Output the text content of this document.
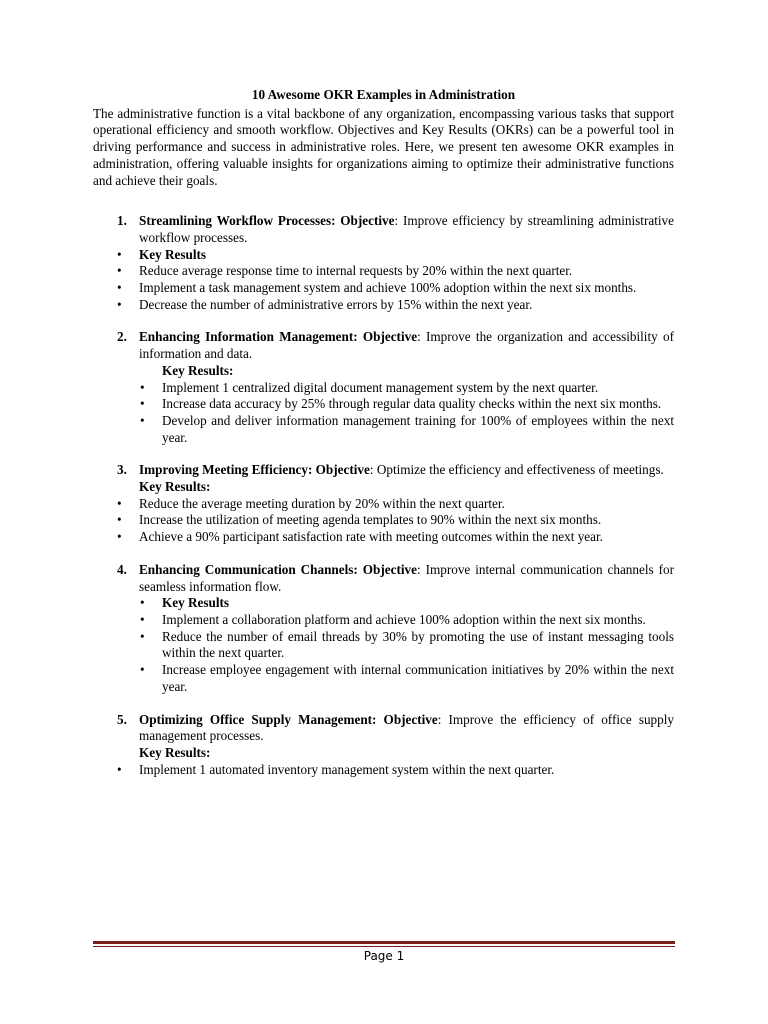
10 Awesome OKR Examples in Administration

The administrative function is a vital backbone of any organization, encompassing various tasks that support operational efficiency and smooth workflow. Objectives and Key Results (OKRs) can be a powerful tool in driving performance and success in administrative roles. Here, we present ten awesome OKR examples in administration, offering valuable insights for organizations aiming to optimize their administrative functions and achieve their goals.

1. Streamlining Workflow Processes: Objective: Improve efficiency by streamlining administrative workflow processes.

• Key Results
• Reduce average response time to internal requests by 20% within the next quarter.
• Implement a task management system and achieve 100% adoption within the next six months.
• Decrease the number of administrative errors by 15% within the next year.
2. Enhancing Information Management: Objective: Improve the organization and accessibility of information and data.

Key Results:
• Implement 1 centralized digital document management system by the next quarter.
• Increase data accuracy by 25% through regular data quality checks within the next six months.
• Develop and deliver information management training for 100% of employees within the next year.
3. Improving Meeting Efficiency: Objective: Optimize the efficiency and effectiveness of meetings.

Key Results:
• Reduce the average meeting duration by 20% within the next quarter.
• Increase the utilization of meeting agenda templates to 90% within the next six months.
• Achieve a 90% participant satisfaction rate with meeting outcomes within the next year.
4. Enhancing Communication Channels: Objective: Improve internal communication channels for seamless information flow.

• Key Results
• Implement a collaboration platform and achieve 100% adoption within the next six months.
• Reduce the number of email threads by 30% by promoting the use of instant messaging tools within the next quarter.
• Increase employee engagement with internal communication initiatives by 20% within the next year.
5. Optimizing Office Supply Management: Objective: Improve the efficiency of office supply management processes.

Key Results:
• Implement 1 automated inventory management system within the next quarter.
Page 1
